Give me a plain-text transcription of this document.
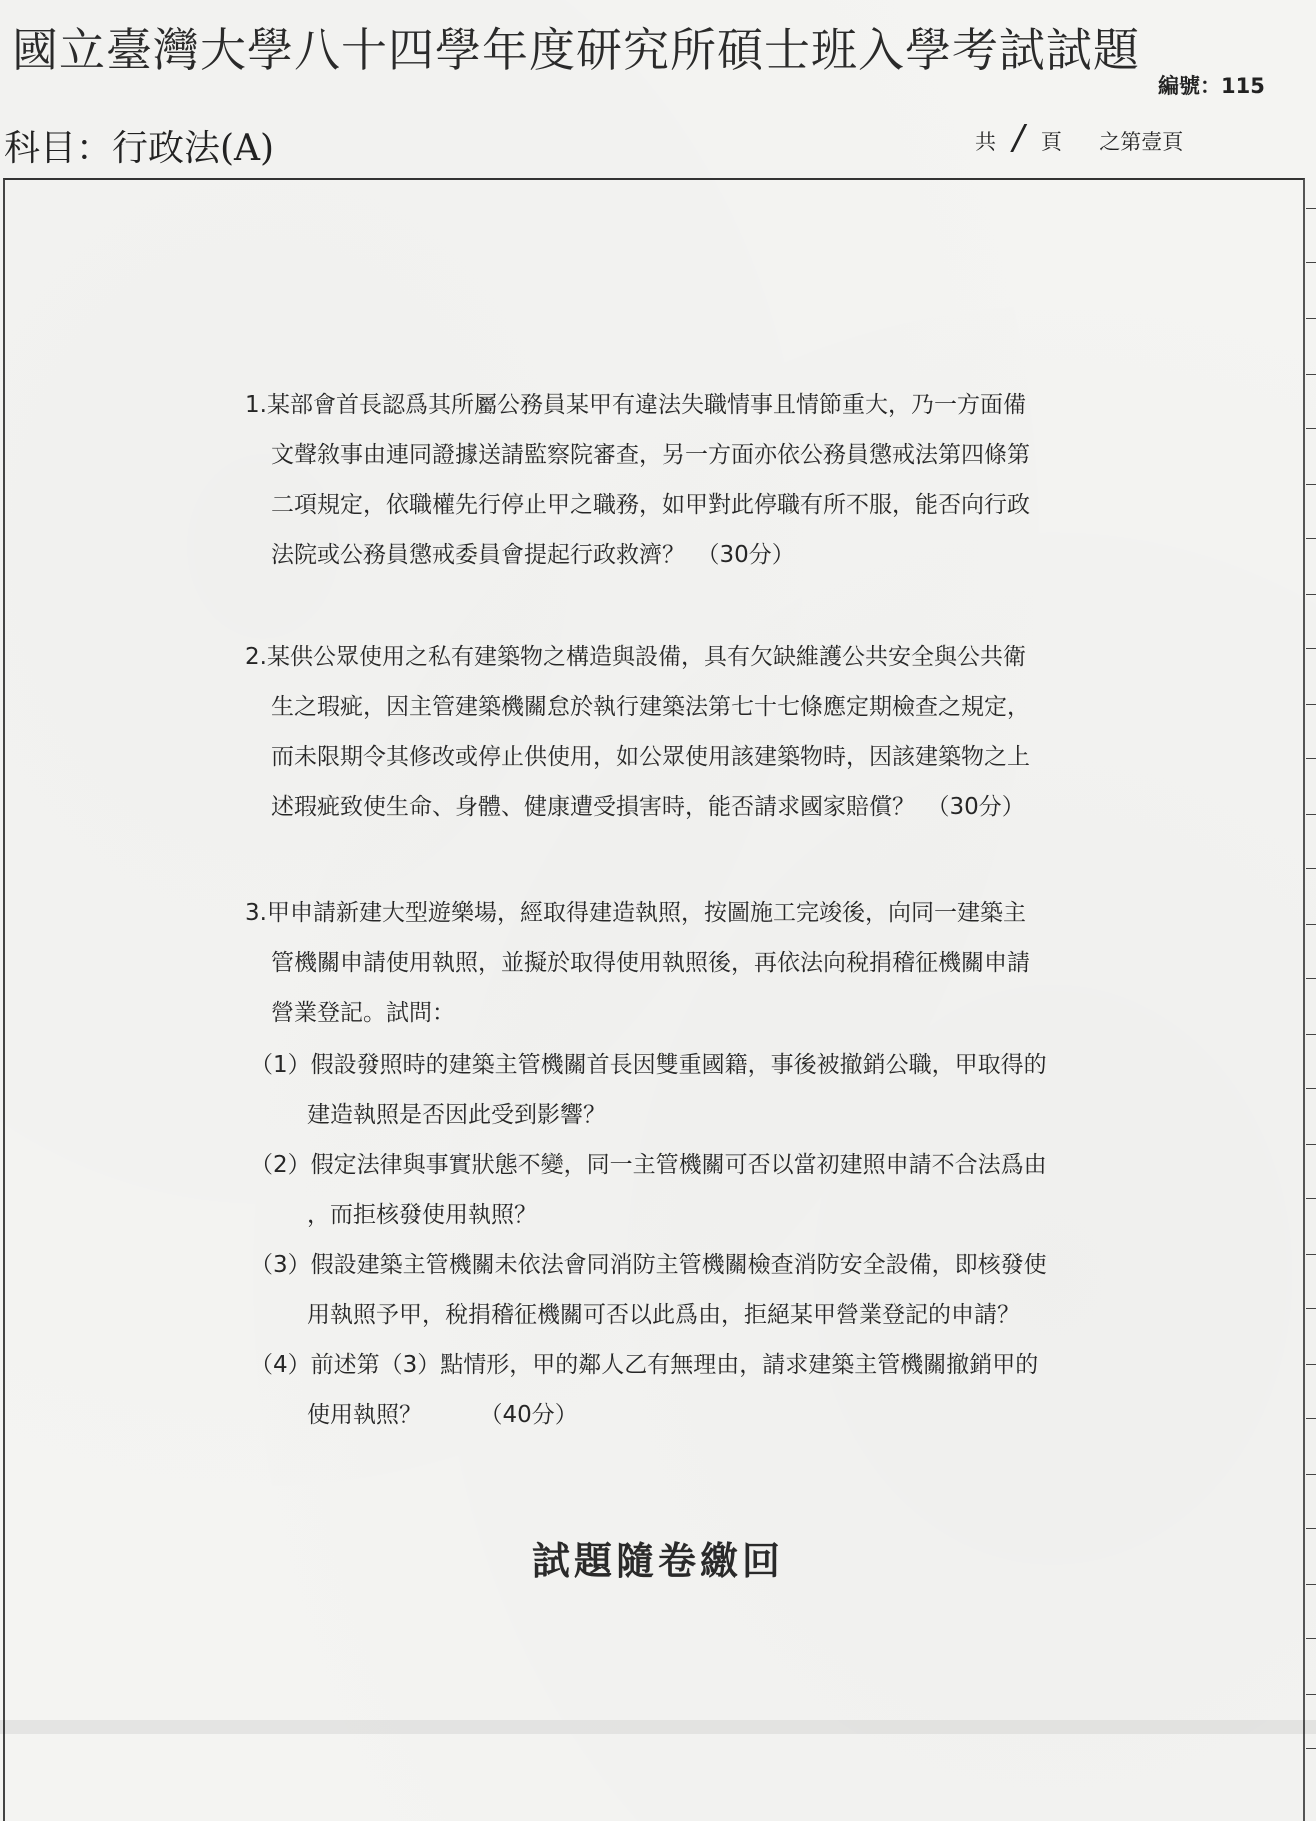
國立臺灣大學八十四學年度研究所碩士班入學考試試題
編號：115
科目：行政法(A)	共 / 頁 之第壹頁
1.某部會首長認爲其所屬公務員某甲有違法失職情事且情節重大，乃一方面備
文聲敘事由連同證據送請監察院審查，另一方面亦依公務員懲戒法第四條第
二項規定，依職權先行停止甲之職務，如甲對此停職有所不服，能否向行政
法院或公務員懲戒委員會提起行政救濟？　（30分）
2.某供公眾使用之私有建築物之構造與設備，具有欠缺維護公共安全與公共衛
生之瑕疵，因主管建築機關怠於執行建築法第七十七條應定期檢查之規定，
而未限期令其修改或停止供使用，如公眾使用該建築物時，因該建築物之上
述瑕疵致使生命、身體、健康遭受損害時，能否請求國家賠償？　（30分）
3.甲申請新建大型遊樂場，經取得建造執照，按圖施工完竣後，向同一建築主
管機關申請使用執照，並擬於取得使用執照後，再依法向稅捐稽征機關申請
營業登記。試問：
（1）假設發照時的建築主管機關首長因雙重國籍，事後被撤銷公職，甲取得的
建造執照是否因此受到影響？
（2）假定法律與事實狀態不變，同一主管機關可否以當初建照申請不合法爲由
，而拒核發使用執照？
（3）假設建築主管機關未依法會同消防主管機關檢查消防安全設備，即核發使
用執照予甲，稅捐稽征機關可否以此爲由，拒絕某甲營業登記的申請？
（4）前述第（3）點情形，甲的鄰人乙有無理由，請求建築主管機關撤銷甲的
使用執照？　　　（40分）
試題隨卷繳回
